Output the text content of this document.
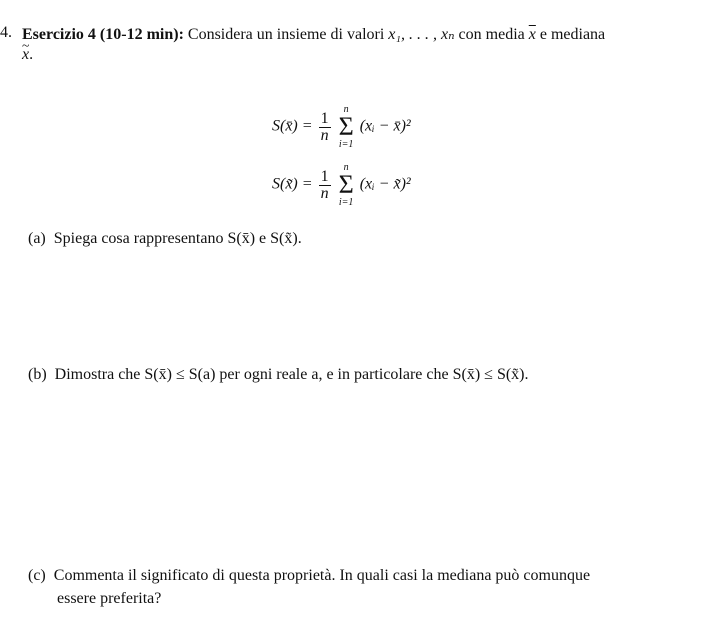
4. Esercizio 4 (10-12 min): Considera un insieme di valori x₁, . . . , xₙ con media $\overline{x}$ e mediana
~ x.
S(x̄) = $\frac{1}{n}$

n
Σ
i=1
(xᵢ − x̄)²
S(x̃) = $\frac{1}{n}$

n
Σ
i=1
(xᵢ − x̃)²
(a) Spiega cosa rappresentano S(x̄) e S(x̃).
(b) Dimostra che S(x̄) ≤ S(a) per ogni reale a, e in particolare che S(x̄) ≤ S(x̃).
(c) Commenta il significato di questa proprietà. In quali casi la mediana può comunque
essere preferita?
